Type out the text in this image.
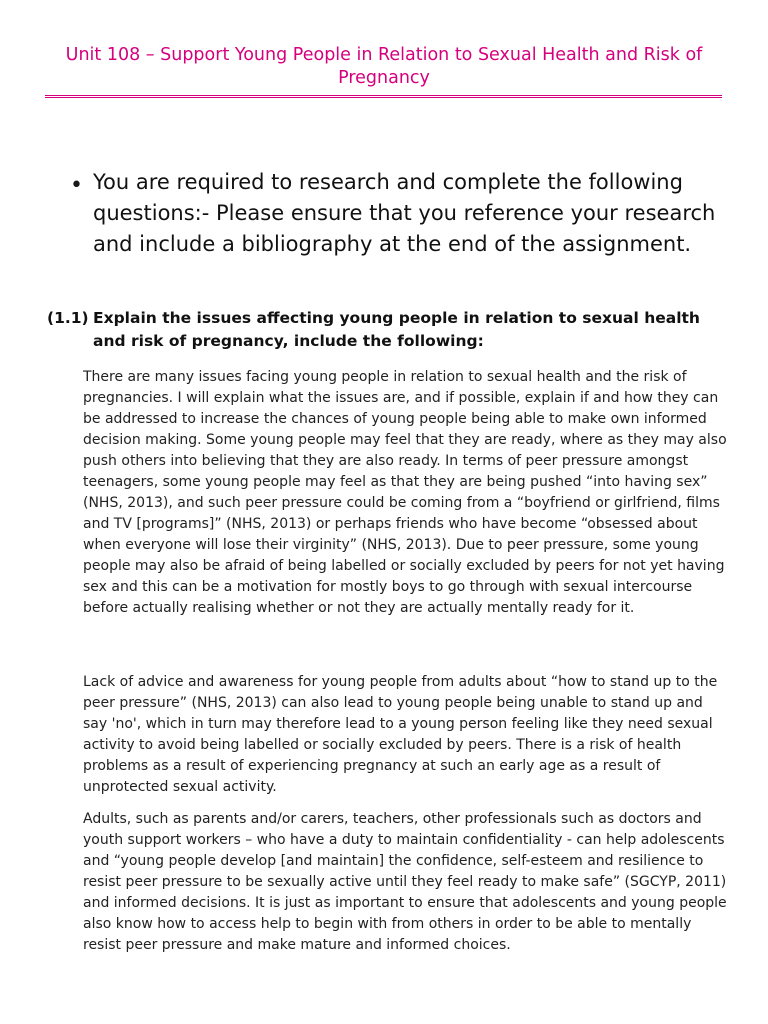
Unit 108 – Support Young People in Relation to Sexual Health and Risk of Pregnancy
• You are required to research and complete the following questions:- Please ensure that you reference your research and include a bibliography at the end of the assignment.
(1.1) Explain the issues affecting young people in relation to sexual health and risk of pregnancy, include the following:

There are many issues facing young people in relation to sexual health and the risk of pregnancies. I will explain what the issues are, and if possible, explain if and how they can be addressed to increase the chances of young people being able to make own informed decision making. Some young people may feel that they are ready, where as they may also push others into believing that they are also ready. In terms of peer pressure amongst teenagers, some young people may feel as that they are being pushed “into having sex” (NHS, 2013), and such peer pressure could be coming from a “boyfriend or girlfriend, films and TV [programs]” (NHS, 2013) or perhaps friends who have become “obsessed about when everyone will lose their virginity” (NHS, 2013). Due to peer pressure, some young people may also be afraid of being labelled or socially excluded by peers for not yet having sex and this can be a motivation for mostly boys to go through with sexual intercourse before actually realising whether or not they are actually mentally ready for it.

Lack of advice and awareness for young people from adults about “how to stand up to the peer pressure” (NHS, 2013) can also lead to young people being unable to stand up and say 'no', which in turn may therefore lead to a young person feeling like they need sexual activity to avoid being labelled or socially excluded by peers. There is a risk of health problems as a result of experiencing pregnancy at such an early age as a result of unprotected sexual activity.

Adults, such as parents and/or carers, teachers, other professionals such as doctors and youth support workers – who have a duty to maintain confidentiality - can help adolescents and “young people develop [and maintain] the confidence, self-esteem and resilience to resist peer pressure to be sexually active until they feel ready to make safe” (SGCYP, 2011) and informed decisions. It is just as important to ensure that adolescents and young people also know how to access help to begin with from others in order to be able to mentally resist peer pressure and make mature and informed choices.
